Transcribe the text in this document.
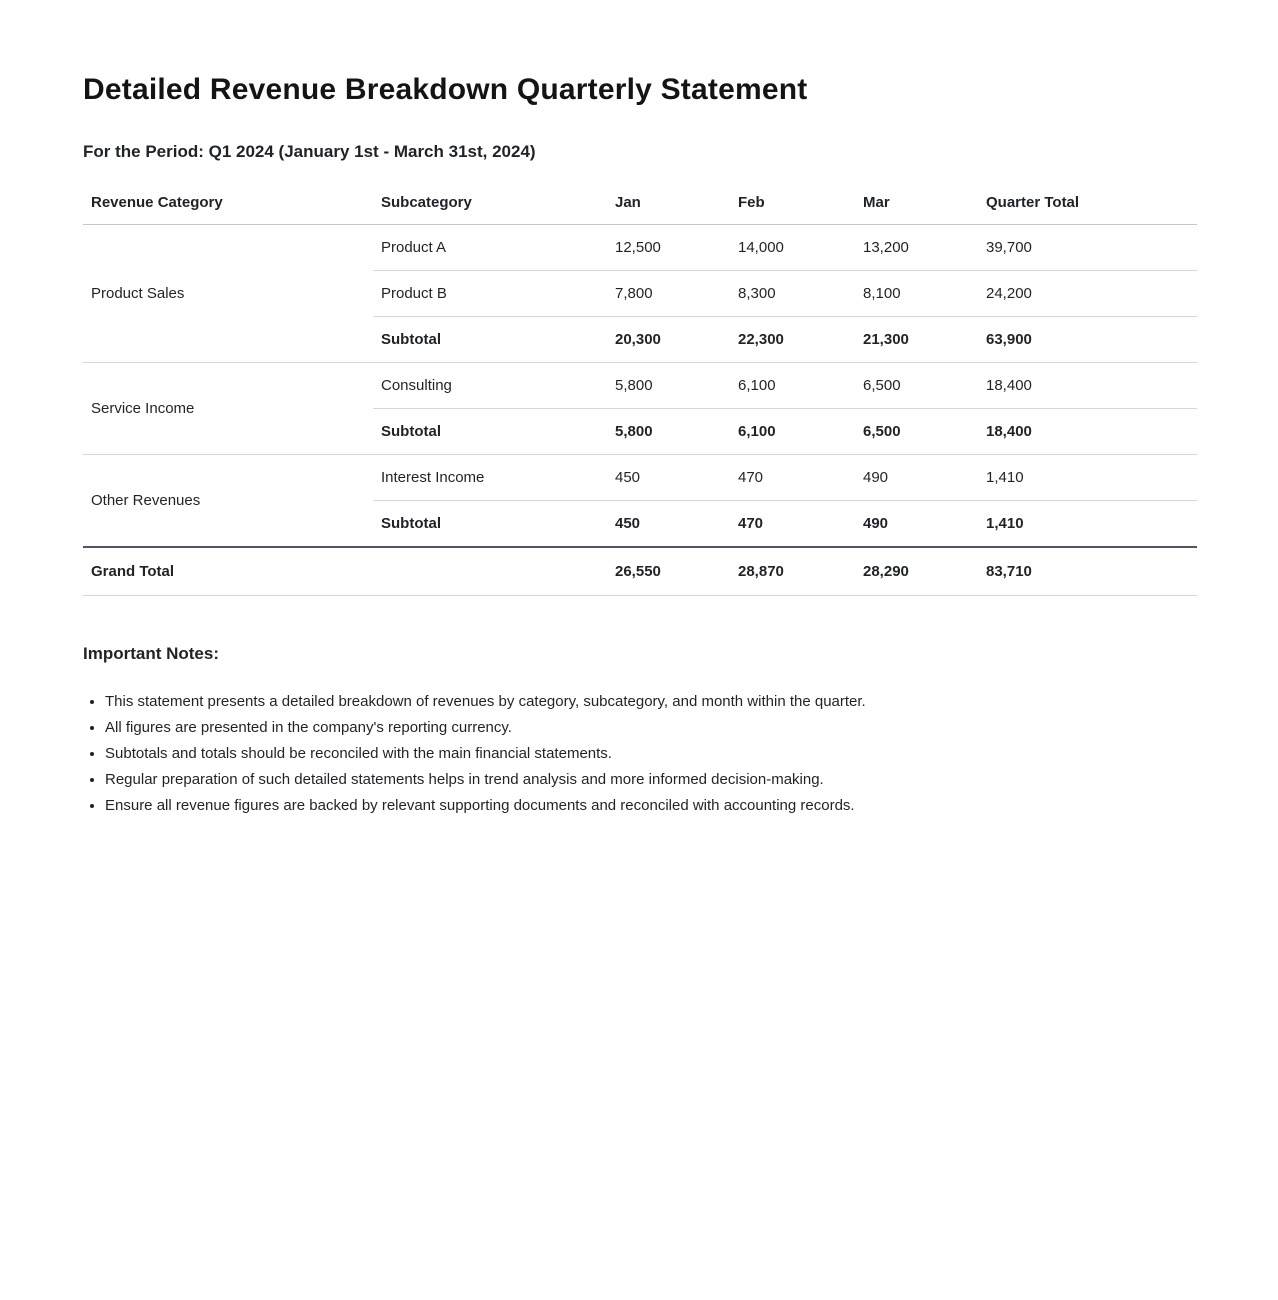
Detailed Revenue Breakdown Quarterly Statement

For the Period: Q1 2024 (January 1st - March 31st, 2024)

Revenue Category	Subcategory	Jan	Feb	Mar	Quarter Total
Product Sales	Product A	12,500	14,000	13,200	39,700
	Product B	7,800	8,300	8,100	24,200
	Subtotal	20,300	22,300	21,300	63,900
Service Income	Consulting	5,800	6,100	6,500	18,400
	Subtotal	5,800	6,100	6,500	18,400
Other Revenues	Interest Income	450	470	490	1,410
	Subtotal	450	470	490	1,410
Grand Total		26,550	28,870	28,290	83,710
Important Notes:
• This statement presents a detailed breakdown of revenues by category, subcategory, and month within the quarter.
• All figures are presented in the company's reporting currency.
• Subtotals and totals should be reconciled with the main financial statements.
• Regular preparation of such detailed statements helps in trend analysis and more informed decision-making.
• Ensure all revenue figures are backed by relevant supporting documents and reconciled with accounting records.
